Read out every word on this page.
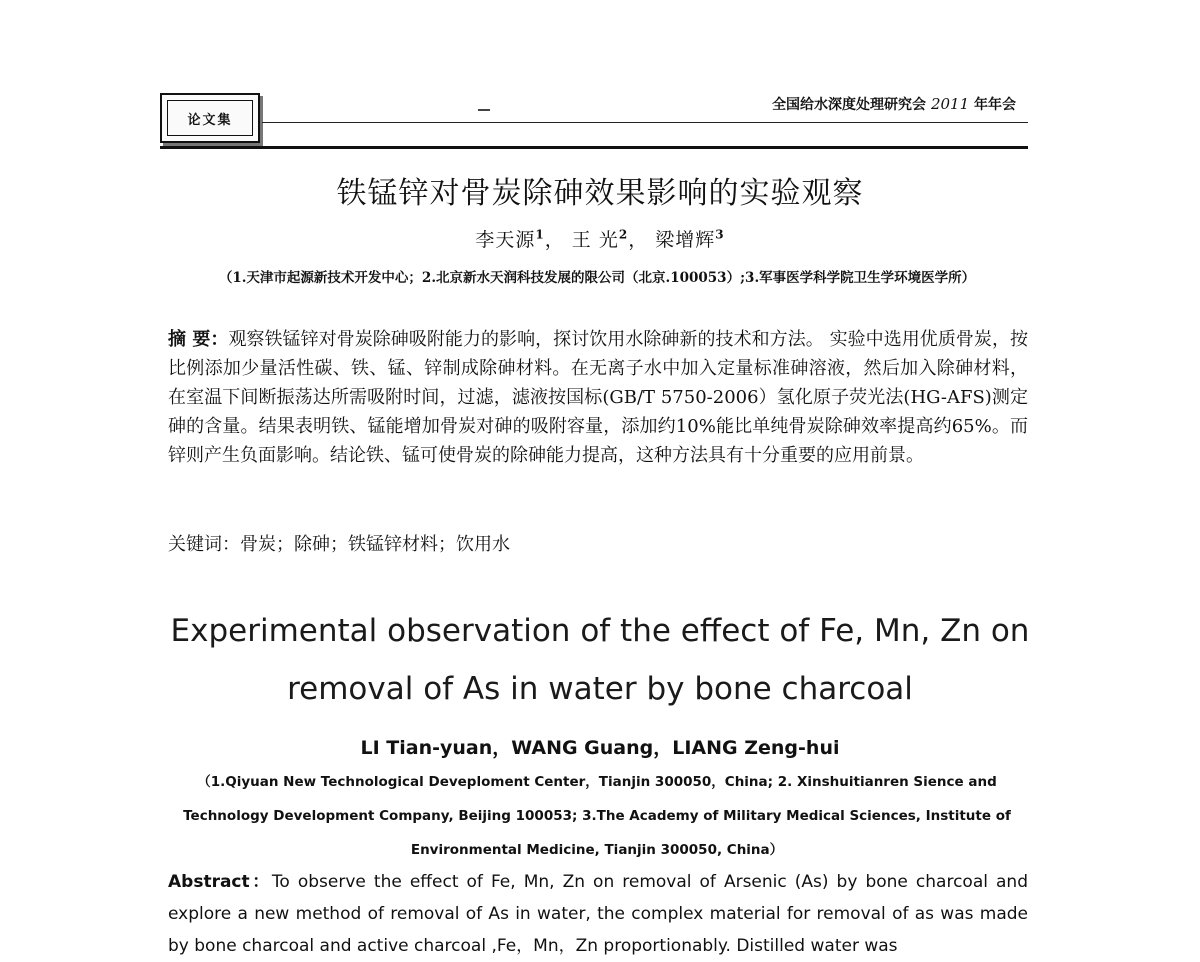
论文集
全国给水深度处理研究会 2011 年年会
铁锰锌对骨炭除砷效果影响的实验观察
李天源$^1$， 王 光$^2$， 梁增辉$^3$
（1.天津市起源新技术开发中心；2.北京新水天润科技发展的限公司（北京.100053）;3.军事医学科学院卫生学环境医学所）
摘 要：观察铁锰锌对骨炭除砷吸附能力的影响，探讨饮用水除砷新的技术和方法。 实验中选用优质骨炭，按比例添加少量活性碳、铁、锰、锌制成除砷材料。在无离子水中加入定量标准砷溶液，然后加入除砷材料，在室温下间断振荡达所需吸附时间，过滤，滤液按国标(GB/T 5750-2006）氢化原子荧光法(HG-AFS)测定砷的含量。结果表明铁、锰能增加骨炭对砷的吸附容量，添加约10%能比单纯骨炭除砷效率提高约65%。而锌则产生负面影响。结论铁、锰可使骨炭的除砷能力提高，这种方法具有十分重要的应用前景。
关键词：骨炭；除砷；铁锰锌材料；饮用水
Experimental observation of the effect of Fe, Mn, Zn on removal of As in water by bone charcoal
LI Tian-yuan，WANG Guang，LIANG Zeng-hui
（1.Qiyuan New Technological Deveploment Center，Tianjin 300050，China; 2. Xinshuitianren Sience and Technology Development Company, Beijing 100053; 3.The Academy of Military Medical Sciences, Institute of Environmental Medicine, Tianjin 300050, China）
Abstract：To observe the effect of Fe, Mn, Zn on removal of Arsenic (As) by bone charcoal and explore a new method of removal of As in water, the complex material for removal of as was made by bone charcoal and active charcoal ,Fe，Mn，Zn proportionably. Distilled water was
